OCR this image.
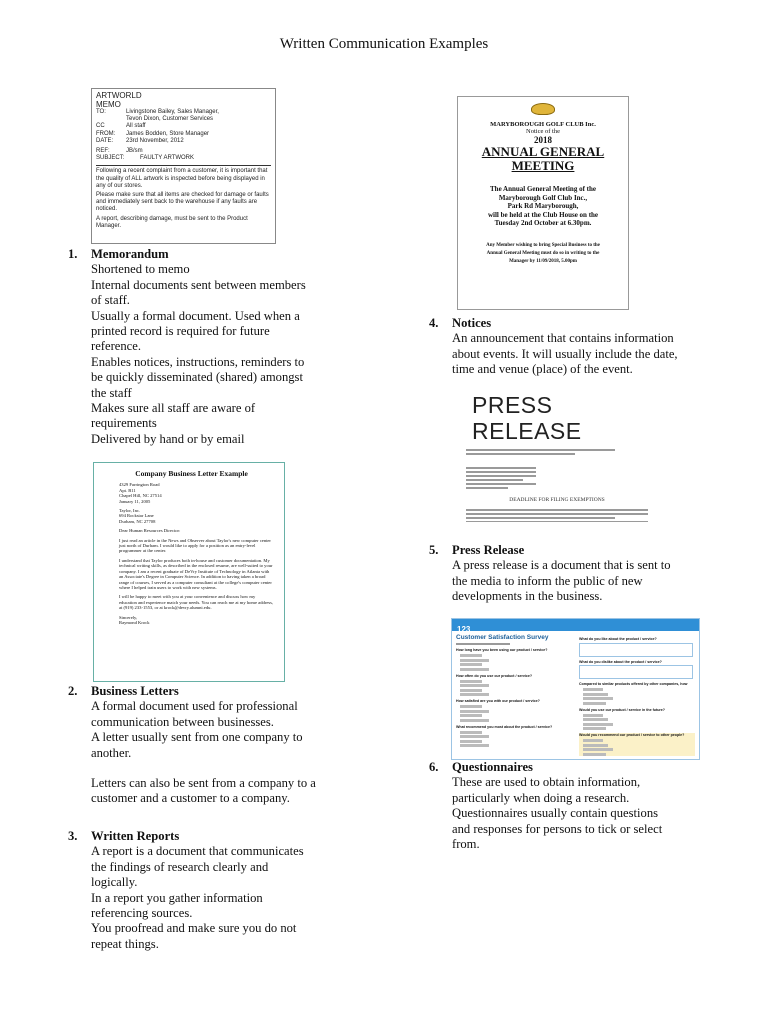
Written Communication Examples
ARTWORLD
MEMO
TO:	Livingstone Bailey, Sales Manager,
Tevon Dixon, Customer Services
CC	All staff
FROM:	James Bodden, Store Manager
DATE:	23rd November, 2012
REF:	JB/sm
SUBJECT:	FAULTY ARTWORK
Following a recent complaint from a customer, it is important that the quality of ALL artwork is inspected before being displayed in any of our stores.
Please make sure that all items are checked for damage or faults and immediately sent back to the warehouse if any faults are noticed.
A report, describing damage, must be sent to the Product Manager.
MARYBOROUGH GOLF CLUB Inc.
Notice of the
2018
ANNUAL GENERAL
MEETING
The Annual General Meeting of the
Maryborough Golf Club Inc.,
Park Rd Maryborough,
will be held at the Club House on the
Tuesday 2nd October at 6.30pm.
Any Member wishing to bring Special Business to the
Annual General Meeting must do so in writing to the
Manager by 11/09/2018, 5.00pm
PRESS RELEASE
DEADLINE FOR FILING EXEMPTIONS
123
Customer Satisfaction Survey
How long have you been using our product / service?
How often do you use our product / service?
How satisfied are you with our product / service?
What recommend you most about the product / service?
What do you like about the product / service?
What do you dislike about the product / service?
Compared to similar products offered by other companies, how
Would you use our product / service in the future?
Would you recommend our product / service to other people?
Company Business Letter Example
4329 Farrington Road
Apt. B11
Chapel Hill, NC 27514
January 11, 2005
Taylor, Inc.
694 Rockstar Lane
Durham, NC 27708
Dear Human Resources Director:
I just read an article in the News and Observer about Taylor's new computer center just north of Durham. I would like to apply for a position as an entry-level programmer at the center.
I understand that Taylor produces both in-house and customer documentation. My technical writing skills, as described in the enclosed resume, are well-suited to your company. I am a recent graduate of DeVry Institute of Technology in Atlanta with an Associate's Degree in Computer Science. In addition to having taken a broad range of courses, I served as a computer consultant at the college's computer center where I helped train users to work with new systems.
I will be happy to meet with you at your convenience and discuss how my education and experience match your needs. You can reach me at my home address, at (919) 233-1553, or at krock@devry.alumni.edu.
Sincerely,
Raymond Krock
1. Memorandum
Shortened to memo
Internal documents sent between members
of staff.
Usually a formal document. Used when a
printed record is required for future
reference.
Enables notices, instructions, reminders to
be quickly disseminated (shared) amongst
the staff
Makes sure all staff are aware of
requirements
Delivered by hand or by email
2. Business Letters
A formal document used for professional
communication between businesses.
A letter usually sent from one company to
another.
Letters can also be sent from a company to a
customer and a customer to a company.
3. Written Reports
A report is a document that communicates
the findings of research clearly and
logically.
In a report you gather information
referencing sources.
You proofread and make sure you do not
repeat things.
4. Notices
An announcement that contains information
about events. It will usually include the date,
time and venue (place) of the event.
5. Press Release
A press release is a document that is sent to
the media to inform the public of new
developments in the business.
6. Questionnaires
These are used to obtain information,
particularly when doing a research.
Questionnaires usually contain questions
and responses for persons to tick or select
from.
